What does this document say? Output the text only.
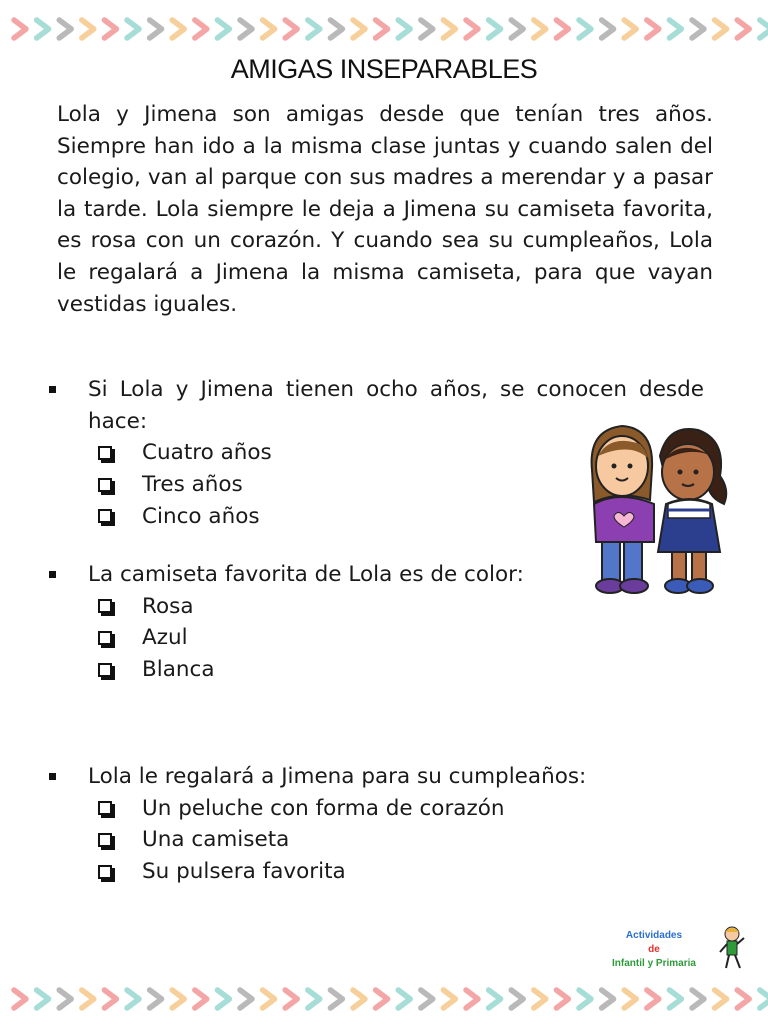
AMIGAS INSEPARABLES

Lola y Jimena son amigas desde que tenían tres años. Siempre han ido a la misma clase juntas y cuando salen del colegio, van al parque con sus madres a merendar y a pasar la tarde. Lola siempre le deja a Jimena su camiseta favorita, es rosa con un corazón. Y cuando sea su cumpleaños, Lola le regalará a Jimena la misma camiseta, para que vayan vestidas iguales.

Si Lola y Jimena tienen ocho años, se conocen desde hace:
Cuatro años
Tres años
Cinco años
La camiseta favorita de Lola es de color:
Rosa
Azul
Blanca
Lola le regalará a Jimena para su cumpleaños:
Un peluche con forma de corazón
Una camiseta
Su pulsera favorita
Actividades
de
Infantil y Primaria
